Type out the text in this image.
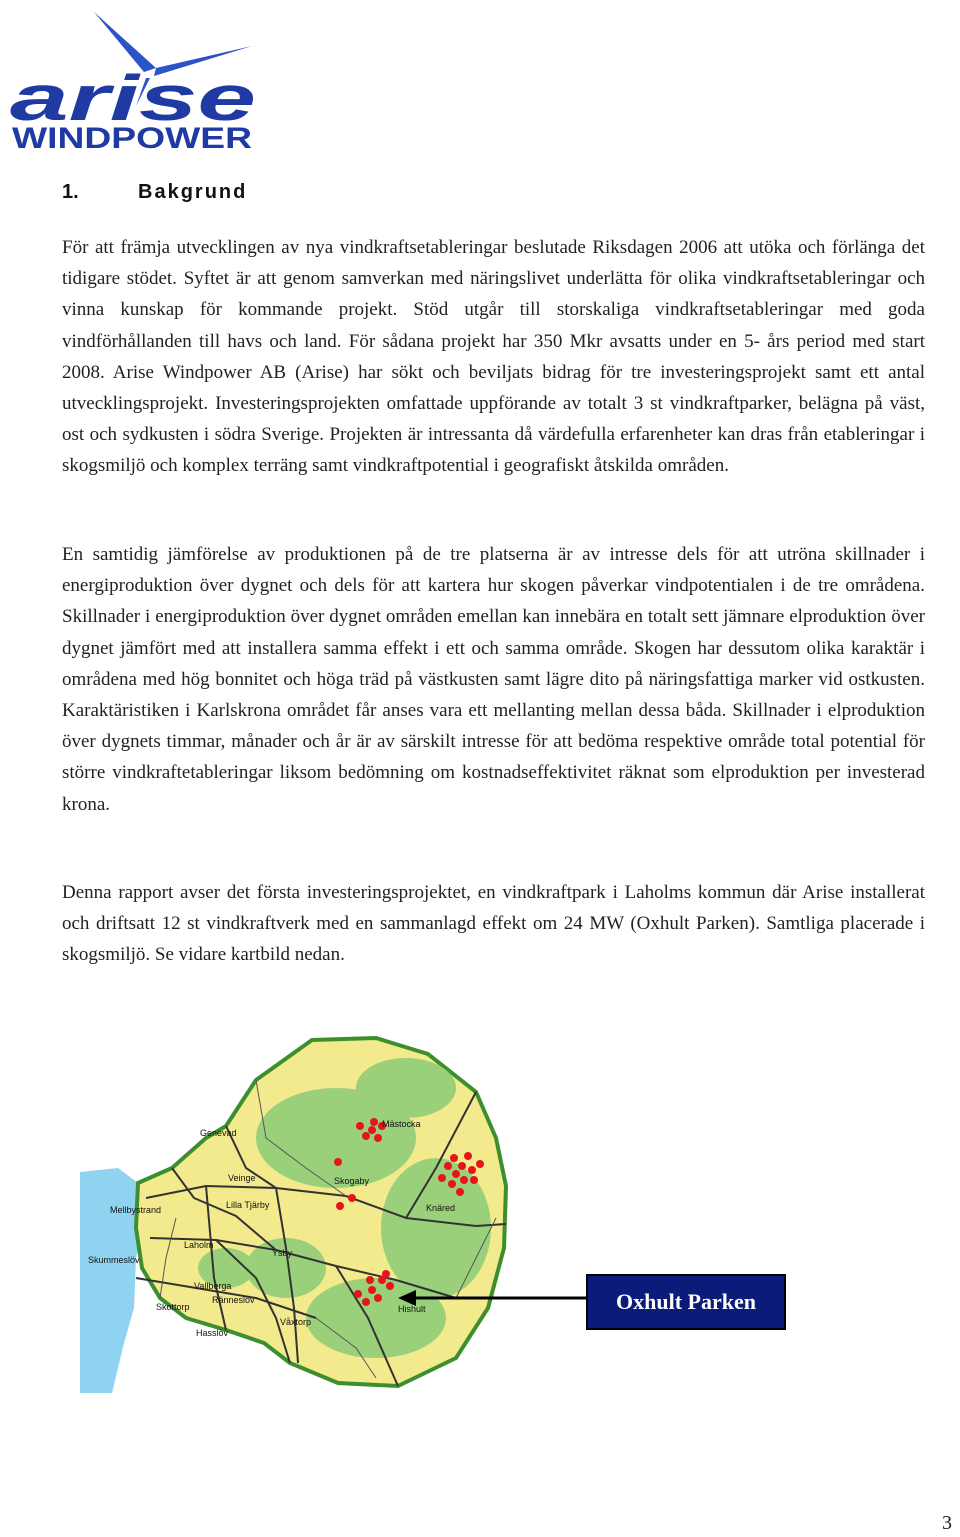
arise
WINDPOWER
1.	Bakgrund

För att främja utvecklingen av nya vindkraftsetableringar beslutade Riksdagen 2006 att utöka och förlänga det tidigare stödet. Syftet är att genom samverkan med näringslivet underlätta för olika vindkraftsetableringar och vinna kunskap för kommande projekt. Stöd utgår till storskaliga vindkraftsetableringar med goda vindförhållanden till havs och land. För sådana projekt har 350 Mkr avsatts under en 5- års period med start 2008. Arise Windpower AB (Arise) har sökt och beviljats bidrag för tre investeringsprojekt samt ett antal utvecklingsprojekt. Investeringsprojekten omfattade uppförande av totalt 3 st vindkraftparker, belägna på väst, ost och sydkusten i södra Sverige. Projekten är intressanta då värdefulla erfarenheter kan dras från etableringar i skogsmiljö och komplex terräng samt vindkraftpotential i geografiskt åtskilda områden.

En samtidig jämförelse av produktionen på de tre platserna är av intresse dels för att utröna skillnader i energiproduktion över dygnet och dels för att kartera hur skogen påverkar vindpotentialen i de tre områdena. Skillnader i energiproduktion över dygnet områden emellan kan innebära en totalt sett jämnare elproduktion över dygnet jämfört med att installera samma effekt i ett och samma område. Skogen har dessutom olika karaktär i områdena med hög bonnitet och höga träd på västkusten samt lägre dito på näringsfattiga marker vid ostkusten. Karaktäristiken i Karlskrona området får anses vara ett mellanting mellan dessa båda. Skillnader i elproduktion över dygnets timmar, månader och år är av särskilt intresse för att bedöma respektive område total potential för större vindkraftetableringar liksom bedömning om kostnadseffektivitet räknat som elproduktion per investerad krona.

Denna rapport avser det första investeringsprojektet, en vindkraftpark i Laholms kommun där Arise installerat och driftsatt 12 st vindkraftverk med en sammanlagd effekt om 24 MW (Oxhult Parken). Samtliga placerade i skogsmiljö. Se vidare kartbild nedan.

Mellbystrand
Genevad
Veinge
Lilla Tjärby
Skogaby
Knäred
Laholm
Ysby
Skummeslöv
Vallberga
Ränneslöv
Skottorp
Våxtorp
Hishult
Hasslöv
Mästocka
Oxhult Parken
3
